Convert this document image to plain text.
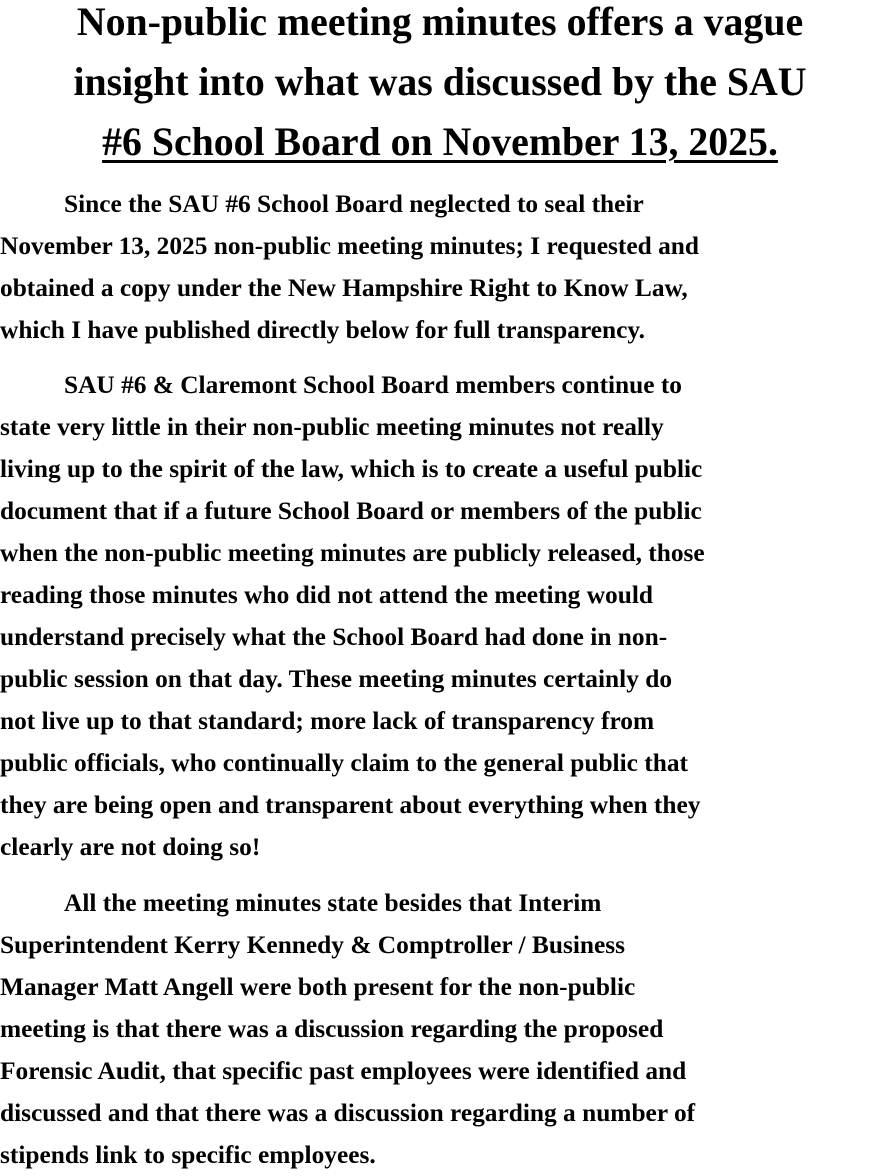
Non-public meeting minutes offers a vague
insight into what was discussed by the SAU
#6 School Board on November 13, 2025.

Since the SAU #6 School Board neglected to seal their
November 13, 2025 non-public meeting minutes; I requested and
obtained a copy under the New Hampshire Right to Know Law,
which I have published directly below for full transparency.

SAU #6 & Claremont School Board members continue to
state very little in their non-public meeting minutes not really
living up to the spirit of the law, which is to create a useful public
document that if a future School Board or members of the public
when the non-public meeting minutes are publicly released, those
reading those minutes who did not attend the meeting would
understand precisely what the School Board had done in non-
public session on that day. These meeting minutes certainly do
not live up to that standard; more lack of transparency from
public officials, who continually claim to the general public that
they are being open and transparent about everything when they
clearly are not doing so!

All the meeting minutes state besides that Interim
Superintendent Kerry Kennedy & Comptroller / Business
Manager Matt Angell were both present for the non-public
meeting is that there was a discussion regarding the proposed
Forensic Audit, that specific past employees were identified and
discussed and that there was a discussion regarding a number of
stipends link to specific employees.
